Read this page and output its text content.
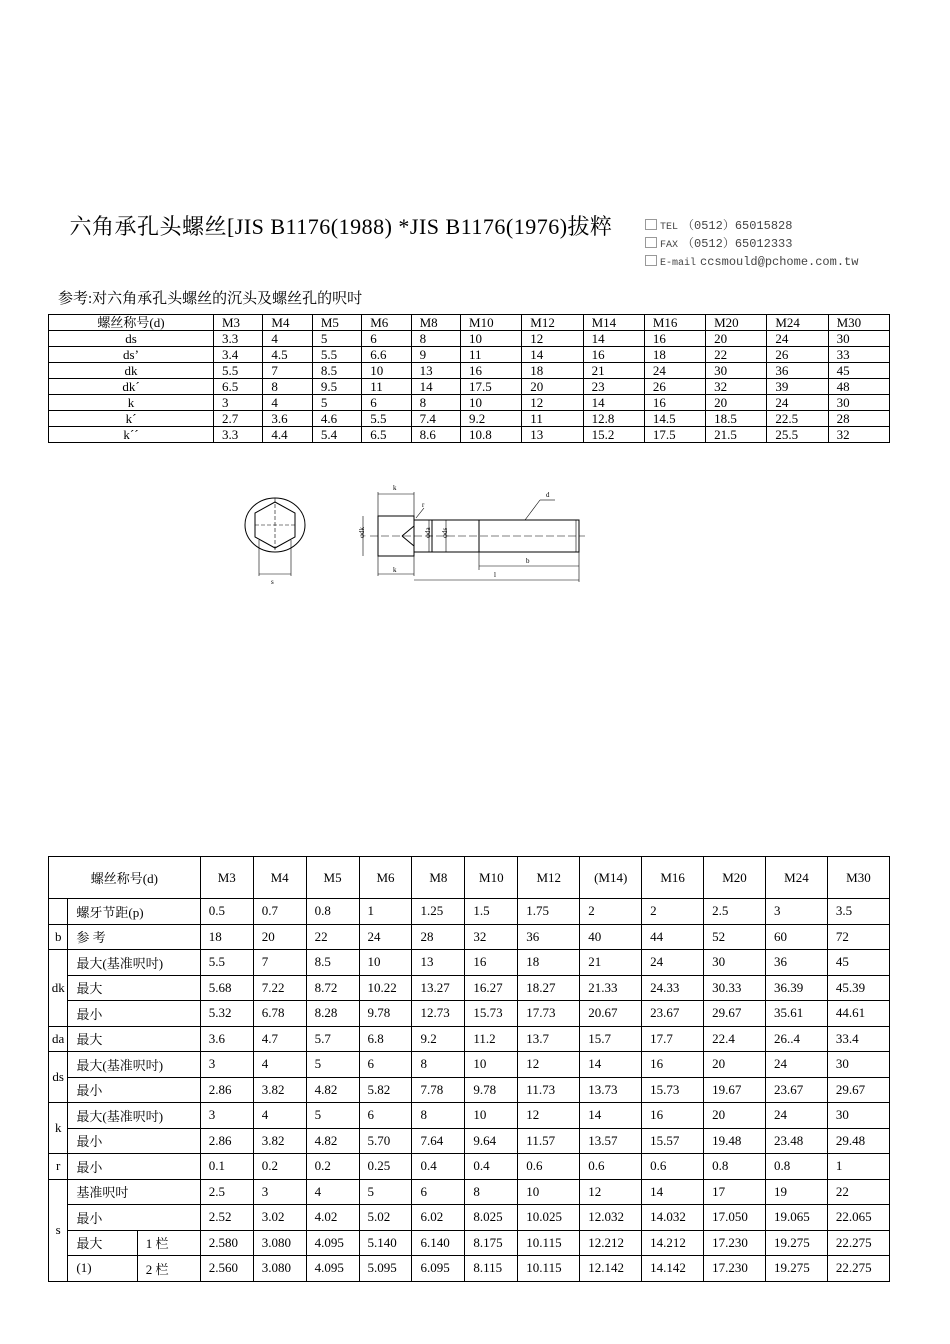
六角承孔头螺丝[JIS B1176(1988) *JIS B1176(1976)拔粹	TEL （0512）65015828
FAX （0512）65012333
E-mail ccsmould@pchome.com.tw
参考:对六角承孔头螺丝的沉头及螺丝孔的呎吋
螺丝称号(d)	M3	M4	M5	M6	M8	M10	M12	M14	M16	M20	M24	M30
ds	3.3	4	5	6	8	10	12	14	16	20	24	30
ds’	3.4	4.5	5.5	6.6	9	11	14	16	18	22	26	33
dk	5.5	7	8.5	10	13	16	18	21	24	30	36	45
dk´	6.5	8	9.5	11	14	17.5	20	23	26	32	39	48
k	3	4	5	6	8	10	12	14	16	20	24	30
k´	2.7	3.6	4.6	5.5	7.4	9.2	11	12.8	14.5	18.5	22.5	28
k´´	3.3	4.4	5.4	6.5	8.6	10.8	13	15.2	17.5	21.5	25.5	32
s
k
k
φdk	φda φds
d
b
l
r
螺丝称号(d)			M3	M4	M5	M6	M8	M10	M12	(M14)	M16	M20	M24	M30
	螺牙节距(p)		0.5	0.7	0.8	1	1.25	1.5	1.75	2	2	2.5	3	3.5
b	参 考		18	20	22	24	28	32	36	40	44	52	60	72
dk	最大(基准呎吋)		5.5	7	8.5	10	13	16	18	21	24	30	36	45
	最大		5.68	7.22	8.72	10.22	13.27	16.27	18.27	21.33	24.33	30.33	36.39	45.39
	最小		5.32	6.78	8.28	9.78	12.73	15.73	17.73	20.67	23.67	29.67	35.61	44.61
da	最大		3.6	4.7	5.7	6.8	9.2	11.2	13.7	15.7	17.7	22.4	26..4	33.4
ds	最大(基准呎吋)		3	4	5	6	8	10	12	14	16	20	24	30
	最小		2.86	3.82	4.82	5.82	7.78	9.78	11.73	13.73	15.73	19.67	23.67	29.67
k	最大(基准呎吋)		3	4	5	6	8	10	12	14	16	20	24	30
	最小		2.86	3.82	4.82	5.70	7.64	9.64	11.57	13.57	15.57	19.48	23.48	29.48
r	最小		0.1	0.2	0.2	0.25	0.4	0.4	0.6	0.6	0.6	0.8	0.8	1
s	基准呎吋		2.5	3	4	5	6	8	10	12	14	17	19	22
	最小		2.52	3.02	4.02	5.02	6.02	8.025	10.025	12.032	14.032	17.050	19.065	22.065
	最大	1 栏	2.580	3.080	4.095	5.140	6.140	8.175	10.115	12.212	14.212	17.230	19.275	22.275
	(1)	2 栏	2.560	3.080	4.095	5.095	6.095	8.115	10.115	12.142	14.142	17.230	19.275	22.275
